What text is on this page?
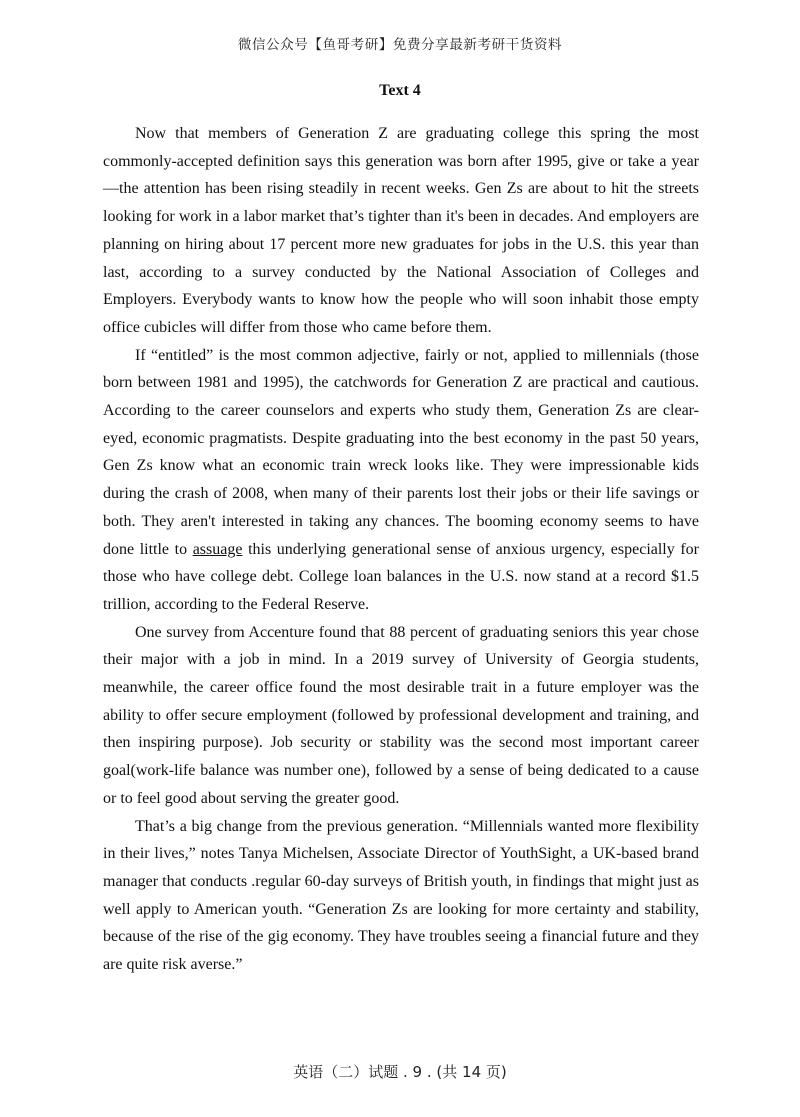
微信公众号【鱼哥考研】免费分享最新考研干货资料
Text 4

Now that members of Generation Z are graduating college this spring the most commonly-accepted definition says this generation was born after 1995, give or take a year—the attention has been rising steadily in recent weeks. Gen Zs are about to hit the streets looking for work in a labor market that’s tighter than it's been in decades. And employers are planning on hiring about 17 percent more new graduates for jobs in the U.S. this year than last, according to a survey conducted by the National Association of Colleges and Employers. Everybody wants to know how the people who will soon inhabit those empty office cubicles will differ from those who came before them.

If “entitled” is the most common adjective, fairly or not, applied to millennials (those born between 1981 and 1995), the catchwords for Generation Z are practical and cautious. According to the career counselors and experts who study them, Generation Zs are clear-eyed, economic pragmatists. Despite graduating into the best economy in the past 50 years, Gen Zs know what an economic train wreck looks like. They were impressionable kids during the crash of 2008, when many of their parents lost their jobs or their life savings or both. They aren't interested in taking any chances. The booming economy seems to have done little to assuage this underlying generational sense of anxious urgency, especially for those who have college debt. College loan balances in the U.S. now stand at a record $1.5 trillion, according to the Federal Reserve.

One survey from Accenture found that 88 percent of graduating seniors this year chose their major with a job in mind. In a 2019 survey of University of Georgia students, meanwhile, the career office found the most desirable trait in a future employer was the ability to offer secure employment (followed by professional development and training, and then inspiring purpose). Job security or stability was the second most important career goal(work-life balance was number one), followed by a sense of being dedicated to a cause or to feel good about serving the greater good.

That’s a big change from the previous generation. “Millennials wanted more flexibility in their lives,” notes Tanya Michelsen, Associate Director of YouthSight, a UK-based brand manager that conducts .regular 60-day surveys of British youth, in findings that might just as well apply to American youth. “Generation Zs are looking for more certainty and stability, because of the rise of the gig economy. They have troubles seeing a financial future and they are quite risk averse.”

英语（二）试题 . 9 . (共 14 页)
